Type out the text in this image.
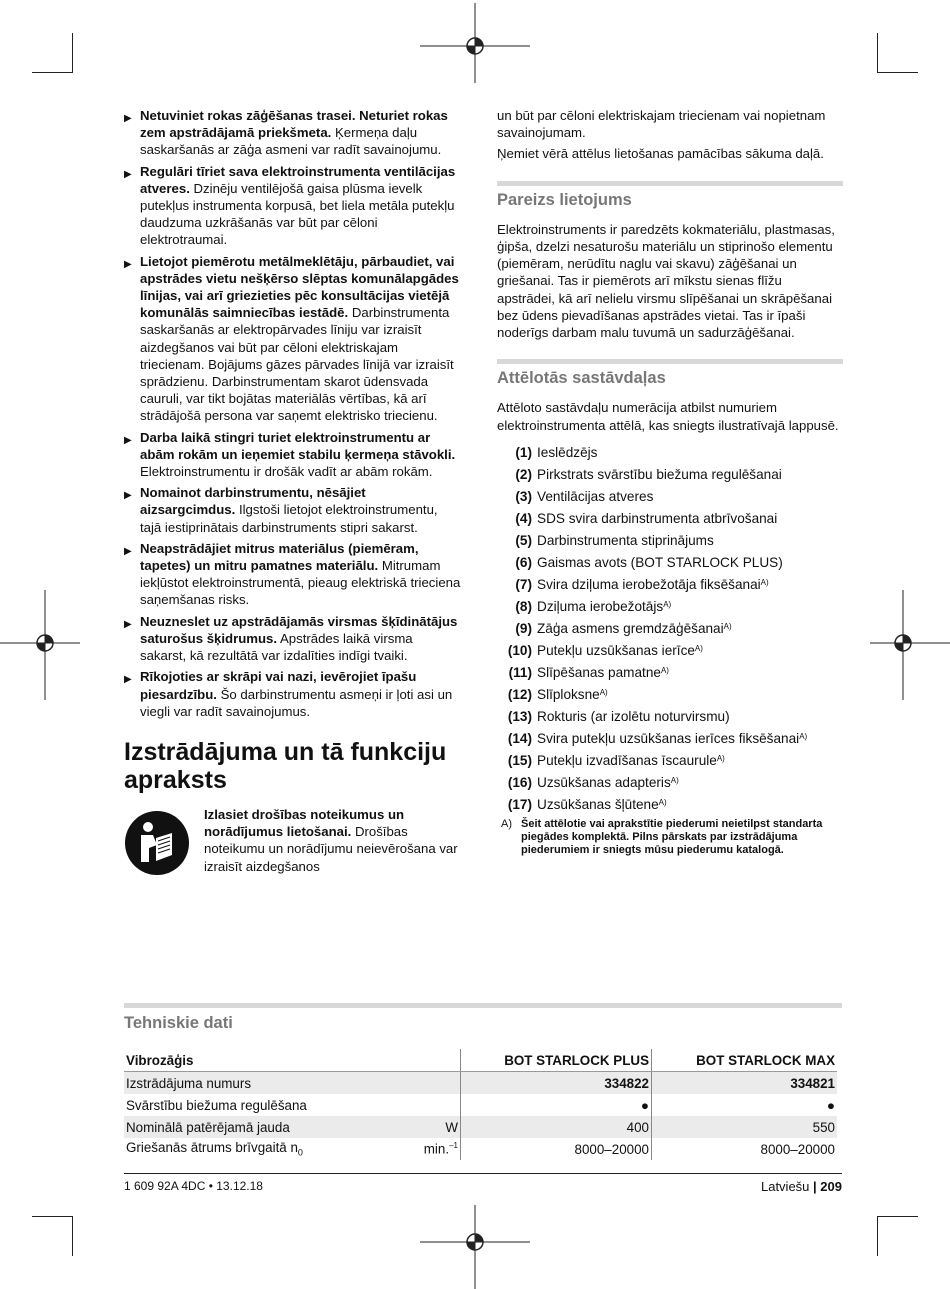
▶ Netuviniet rokas zāģēšanas trasei. Neturiet rokas zem apstrādājamā priekšmeta. Ķermeņa daļu saskaršanās ar zāģa asmeni var radīt savainojumu.
▶ Regulāri tīriet sava elektroinstrumenta ventilācijas atveres. Dzinēju ventilējošā gaisa plūsma ievelk putekļus instrumenta korpusā, bet liela metāla putekļu daudzuma uzkrāšanās var būt par cēloni elektrotraumai.
▶ Lietojot piemērotu metālmeklētāju, pārbaudiet, vai apstrādes vietu nešķērso slēptas komunālapgādes līnijas, vai arī griezieties pēc konsultācijas vietējā komunālās saimniecības iestādē. Darbinstrumenta saskaršanās ar elektropārvades līniju var izraisīt aizdegšanos vai būt par cēloni elektriskajam triecienam. Bojājums gāzes pārvades līnijā var izraisīt sprādzienu. Darbinstrumentam skarot ūdensvada cauruli, var tikt bojātas materiālās vērtības, kā arī strādājošā persona var saņemt elektrisko triecienu.
▶ Darba laikā stingri turiet elektroinstrumentu ar abām rokām un ieņemiet stabilu ķermeņa stāvokli. Elektroinstrumentu ir drošāk vadīt ar abām rokām.
▶ Nomainot darbinstrumentu, nēsājiet aizsargcimdus. Ilgstoši lietojot elektroinstrumentu, tajā iestiprinātais darbinstruments stipri sakarst.
▶ Neapstrādājiet mitrus materiālus (piemēram, tapetes) un mitru pamatnes materiālu. Mitrumam iekļūstot elektroinstrumentā, pieaug elektriskā trieciena saņemšanas risks.
▶ Neuzneslet uz apstrādājamās virsmas šķīdinātājus saturošus šķidrumus. Apstrādes laikā virsma sakarst, kā rezultātā var izdalīties indīgi tvaiki.
▶ Rīkojoties ar skrāpi vai nazi, ievērojiet īpašu piesardzību. Šo darbinstrumentu asmeņi ir ļoti asi un viegli var radīt savainojumus.
Izstrādājuma un tā funkciju apraksts
Izlasiet drošības noteikumus un norādījumus lietošanai. Drošības noteikumu un norādījumu neievērošana var izraisīt aizdegšanos

un būt par cēloni elektriskajam triecienam vai nopietnam savainojumam.

Ņemiet vērā attēlus lietošanas pamācības sākuma daļā.

Pareizs lietojums

Elektroinstruments ir paredzēts kokmateriālu, plastmasas, ģipša, dzelzi nesaturošu materiālu un stiprinošo elementu (piemēram, nerūdītu naglu vai skavu) zāģēšanai un griešanai. Tas ir piemērots arī mīkstu sienas flīžu apstrādei, kā arī nelielu virsmu slīpēšanai un skrāpēšanai bez ūdens pievadīšanas apstrādes vietai. Tas ir īpaši noderīgs darbam malu tuvumā un sadurzāģēšanai.

Attēlotās sastāvdaļas

Attēloto sastāvdaļu numerācija atbilst numuriem elektroinstrumenta attēlā, kas sniegts ilustratīvajā lappusē.

(1) Ieslēdzējs
(2) Pirkstrats svārstību biežuma regulēšanai
(3) Ventilācijas atveres
(4) SDS svira darbinstrumenta atbrīvošanai
(5) Darbinstrumenta stiprinājums
(6) Gaismas avots (BOT STARLOCK PLUS)
(7) Svira dziļuma ierobežotāja fiksēšanai$^{A)}$
(8) Dziļuma ierobežotājs$^{A)}$
(9) Zāģa asmens gremdzāģēšanai$^{A)}$
(10) Putekļu uzsūkšanas ierīce$^{A)}$
(11) Slīpēšanas pamatne$^{A)}$
(12) Slīploksne$^{A)}$
(13) Rokturis (ar izolētu noturvirsmu)
(14) Svira putekļu uzsūkšanas ierīces fiksēšanai$^{A)}$
(15) Putekļu izvadīšanas īscaurule$^{A)}$
(16) Uzsūkšanas adapteris$^{A)}$
(17) Uzsūkšanas šļūtene$^{A)}$
A) Šeit attēlotie vai aprakstītie piederumi neietilpst standarta piegādes komplektā. Pilns pārskats par izstrādājuma piederumiem ir sniegts mūsu piederumu katalogā.
Tehniskie dati
Vibrozāģis		BOT STARLOCK PLUS	BOT STARLOCK MAX
Izstrādājuma numurs		334822	334821
Svārstību biežuma regulēšana		●	●
Nominālā patērējamā jauda	W	400	550
Griešanās ātrums brīvgaitā $n_0$	min.$^{-1}$	8000–20000	8000–20000
1 609 92A 4DC • 13.12.18	Latviešu | 209
